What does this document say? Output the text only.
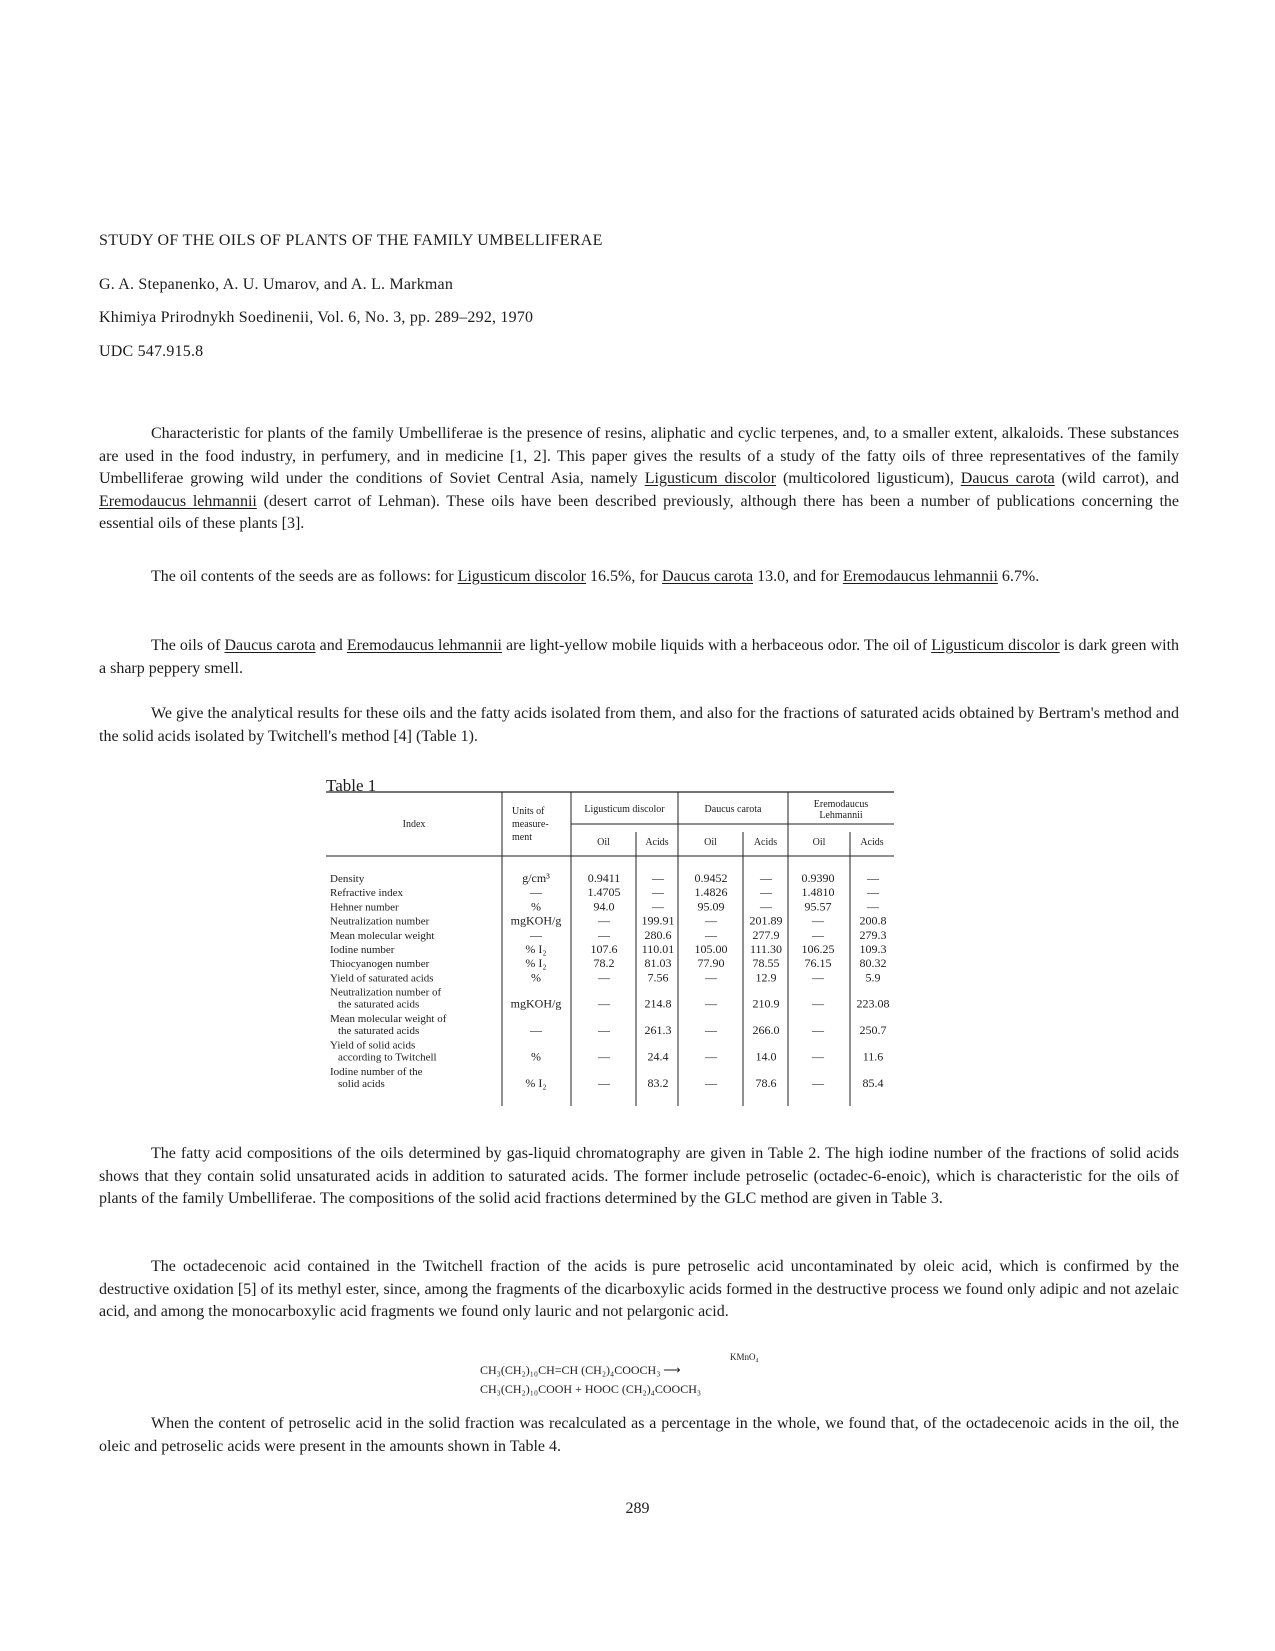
STUDY OF THE OILS OF PLANTS OF THE FAMILY UMBELLIFERAE
G. A. Stepanenko, A. U. Umarov, and A. L. Markman
Khimiya Prirodnykh Soedinenii, Vol. 6, No. 3, pp. 289–292, 1970
UDC 547.915.8

Characteristic for plants of the family Umbelliferae is the presence of resins, aliphatic and cyclic terpenes, and, to a smaller extent, alkaloids. These substances are used in the food industry, in perfumery, and in medicine [1, 2]. This paper gives the results of a study of the fatty oils of three representatives of the family Umbelliferae growing wild under the conditions of Soviet Central Asia, namely Ligusticum discolor (multicolored ligusticum), Daucus carota (wild carrot), and Eremodaucus lehmannii (desert carrot of Lehman). These oils have been described previously, although there has been a number of publications concerning the essential oils of these plants [3].

The oil contents of the seeds are as follows: for Ligusticum discolor 16.5%, for Daucus carota 13.0, and for Eremodaucus lehmannii 6.7%.

The oils of Daucus carota and Eremodaucus lehmannii are light-yellow mobile liquids with a herbaceous odor. The oil of Ligusticum discolor is dark green with a sharp peppery smell.

We give the analytical results for these oils and the fatty acids isolated from them, and also for the fractions of saturated acids obtained by Bertram's method and the solid acids isolated by Twitchell's method [4] (Table 1).

Table 1
Index
Units of
measure-
ment
Ligusticum discolor
Oil	Acids
Daucus carota
Oil	Acids
Eremodaucus
Lehmannii
Oil	Acids
Density	g/cm³	0.9411	—	0.9452	— 0.9390	—
Refractive index	—	1.4705	—	1.4826	— 1.4810	—
Hehner number	%	94.0	—	95.09	—	95.57	—
Neutralization number	mgKOH/g	—	199.91	—	201.89 —	200.8
Mean molecular weight	—	—	280.6	—	277.9	—	279.3
Iodine number	% I₂	107.6 110.01 105.00 111.30 106.25 109.3
Thiocyanogen number	% I₂	78.2	81.03 77.90 78.55 76.15 80.32
Yield of saturated acids	%	—	7.56	—	12.9	—	5.9
Neutralization number of
the saturated acids	mgKOH/g	—	214.8	—	210.9	—	223.08
Mean molecular weight of
the saturated acids	—	—	261.3	—	266.0	—	250.7
Yield of solid acids
according to Twitchell	%	—	24.4	—	14.0	—	11.6
Iodine number of the
solid acids	% I₂	—	83.2	—	78.6	—	85.4

The fatty acid compositions of the oils determined by gas-liquid chromatography are given in Table 2. The high iodine number of the fractions of solid acids shows that they contain solid unsaturated acids in addition to saturated acids. The former include petroselic (octadec-6-enoic), which is characteristic for the oils of plants of the family Umbelliferae. The compositions of the solid acid fractions determined by the GLC method are given in Table 3.

The octadecenoic acid contained in the Twitchell fraction of the acids is pure petroselic acid uncontaminated by oleic acid, which is confirmed by the destructive oxidation [5] of its methyl ester, since, among the fragments of the dicarboxylic acids formed in the destructive process we found only adipic and not azelaic acid, and among the monocarboxylic acid fragments we found only lauric and not pelargonic acid.

KMnO₄
CH₃(CH₂)₁₀CH=CH (CH₂)₄COOCH₃ ⟶
CH₃(CH₂)₁₀COOH + HOOC (CH₂)₄COOCH₃

When the content of petroselic acid in the solid fraction was recalculated as a percentage in the whole, we found that, of the octadecenoic acids in the oil, the oleic and petroselic acids were present in the amounts shown in Table 4.

289
